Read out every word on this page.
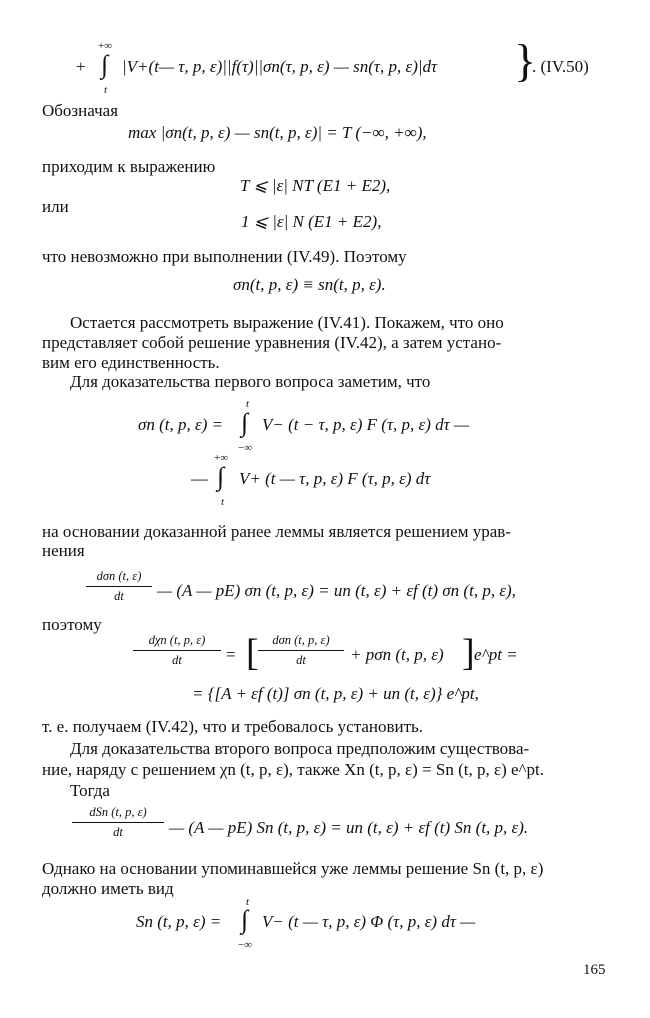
+∞
+ ∫
t
|V+(t— τ, p, ε)||f(τ)||σn(τ, p, ε) — sn(τ, p, ε)|dτ }
. (IV.50)
Обозначая
max |σn(t, p, ε) — sn(t, p, ε)| = T (−∞, +∞),
приходим к выражению
T ⩽ |ε| NT (E1 + E2),
или
1 ⩽ |ε| N (E1 + E2),
что невозможно при выполнении (IV.49). Поэтому
σn(t, p, ε) ≡ sn(t, p, ε).
Остается рассмотреть выражение (IV.41). Покажем, что оно
представляет собой решение уравнения (IV.42), а затем устано-
вим его единственность.
Для доказательства первого вопроса заметим, что
t
σn (t, p, ε) = ∫
−∞
V− (t − τ, p, ε) F (τ, p, ε) dτ —
+∞
— ∫
t
V+ (t — τ, p, ε) F (τ, p, ε) dτ
на основании доказанной ранее леммы является решением урав-
нения
dσn (t, ε)
dt	— (A — pE) σn (t, p, ε) = un (t, ε) + εf (t) σn (t, p, ε),
поэтому
dχn (t, p, ε)
dt	= [	dσn (t, p, ε)
dt	+ pσn (t, p, ε) ] e^pt =
= {[A + εf (t)] σn (t, p, ε) + un (t, ε)} e^pt,
т. е. получаем (IV.42), что и требовалось установить.
Для доказательства второго вопроса предположим существова-
ние, наряду с решением χn (t, p, ε), также Xn (t, p, ε) = Sn (t, p, ε) e^pt.
Тогда
dSn (t, p, ε)
dt	— (A — pE) Sn (t, p, ε) = un (t, ε) + εf (t) Sn (t, p, ε).
Однако на основании упоминавшейся уже леммы решение Sn (t, p, ε)
должно иметь вид
t
Sn (t, p, ε) = ∫
−∞
V− (t — τ, p, ε) Φ (τ, p, ε) dτ —
165
